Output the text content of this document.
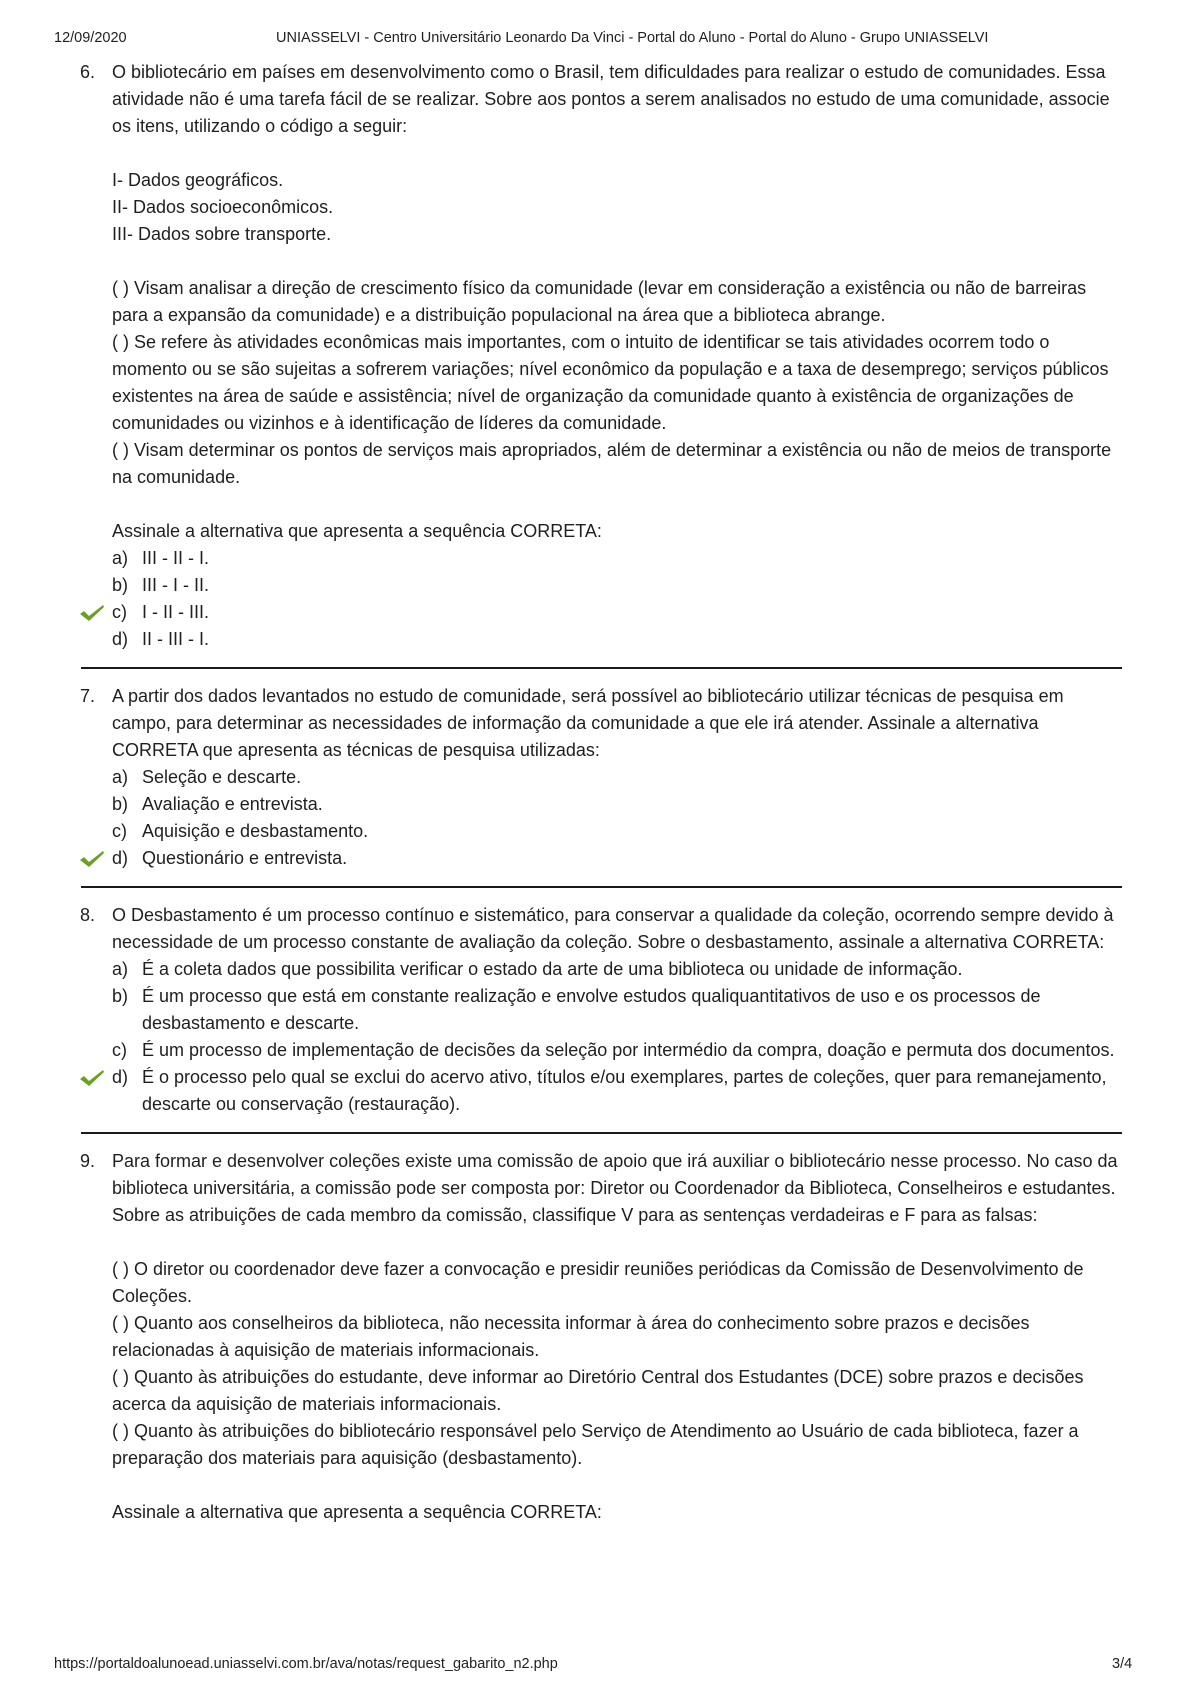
12/09/2020	UNIASSELVI - Centro Universitário Leonardo Da Vinci - Portal do Aluno - Portal do Aluno - Grupo UNIASSELVI
6. O bibliotecário em países em desenvolvimento como o Brasil, tem dificuldades para realizar o estudo de comunidades. Essa atividade não é uma tarefa fácil de se realizar. Sobre aos pontos a serem analisados no estudo de uma comunidade, associe os itens, utilizando o código a seguir:

I- Dados geográficos.

II- Dados socioeconômicos.

III- Dados sobre transporte.

( ) Visam analisar a direção de crescimento físico da comunidade (levar em consideração a existência ou não de barreiras para a expansão da comunidade) e a distribuição populacional na área que a biblioteca abrange.

( ) Se refere às atividades econômicas mais importantes, com o intuito de identificar se tais atividades ocorrem todo o momento ou se são sujeitas a sofrerem variações; nível econômico da população e a taxa de desemprego; serviços públicos existentes na área de saúde e assistência; nível de organização da comunidade quanto à existência de organizações de comunidades ou vizinhos e à identificação de líderes da comunidade.

( ) Visam determinar os pontos de serviços mais apropriados, além de determinar a existência ou não de meios de transporte na comunidade.

Assinale a alternativa que apresenta a sequência CORRETA:

a) III - II - I.
b) III - I - II.
c) I - II - III.
d) II - III - I.
7. A partir dos dados levantados no estudo de comunidade, será possível ao bibliotecário utilizar técnicas de pesquisa em campo, para determinar as necessidades de informação da comunidade a que ele irá atender. Assinale a alternativa CORRETA que apresenta as técnicas de pesquisa utilizadas:

a) Seleção e descarte.
b) Avaliação e entrevista.
c) Aquisição e desbastamento.
d) Questionário e entrevista.
8. O Desbastamento é um processo contínuo e sistemático, para conservar a qualidade da coleção, ocorrendo sempre devido à necessidade de um processo constante de avaliação da coleção. Sobre o desbastamento, assinale a alternativa CORRETA:

a) É a coleta dados que possibilita verificar o estado da arte de uma biblioteca ou unidade de informação.
b) É um processo que está em constante realização e envolve estudos qualiquantitativos de uso e os processos de desbastamento e descarte.
c) É um processo de implementação de decisões da seleção por intermédio da compra, doação e permuta dos documentos.
d) É o processo pelo qual se exclui do acervo ativo, títulos e/ou exemplares, partes de coleções, quer para remanejamento, descarte ou conservação (restauração).
9. Para formar e desenvolver coleções existe uma comissão de apoio que irá auxiliar o bibliotecário nesse processo. No caso da biblioteca universitária, a comissão pode ser composta por: Diretor ou Coordenador da Biblioteca, Conselheiros e estudantes. Sobre as atribuições de cada membro da comissão, classifique V para as sentenças verdadeiras e F para as falsas:

( ) O diretor ou coordenador deve fazer a convocação e presidir reuniões periódicas da Comissão de Desenvolvimento de Coleções.

( ) Quanto aos conselheiros da biblioteca, não necessita informar à área do conhecimento sobre prazos e decisões relacionadas à aquisição de materiais informacionais.

( ) Quanto às atribuições do estudante, deve informar ao Diretório Central dos Estudantes (DCE) sobre prazos e decisões acerca da aquisição de materiais informacionais.

( ) Quanto às atribuições do bibliotecário responsável pelo Serviço de Atendimento ao Usuário de cada biblioteca, fazer a preparação dos materiais para aquisição (desbastamento).

Assinale a alternativa que apresenta a sequência CORRETA:

https://portaldoalunoead.uniasselvi.com.br/ava/notas/request_gabarito_n2.php	3/4
